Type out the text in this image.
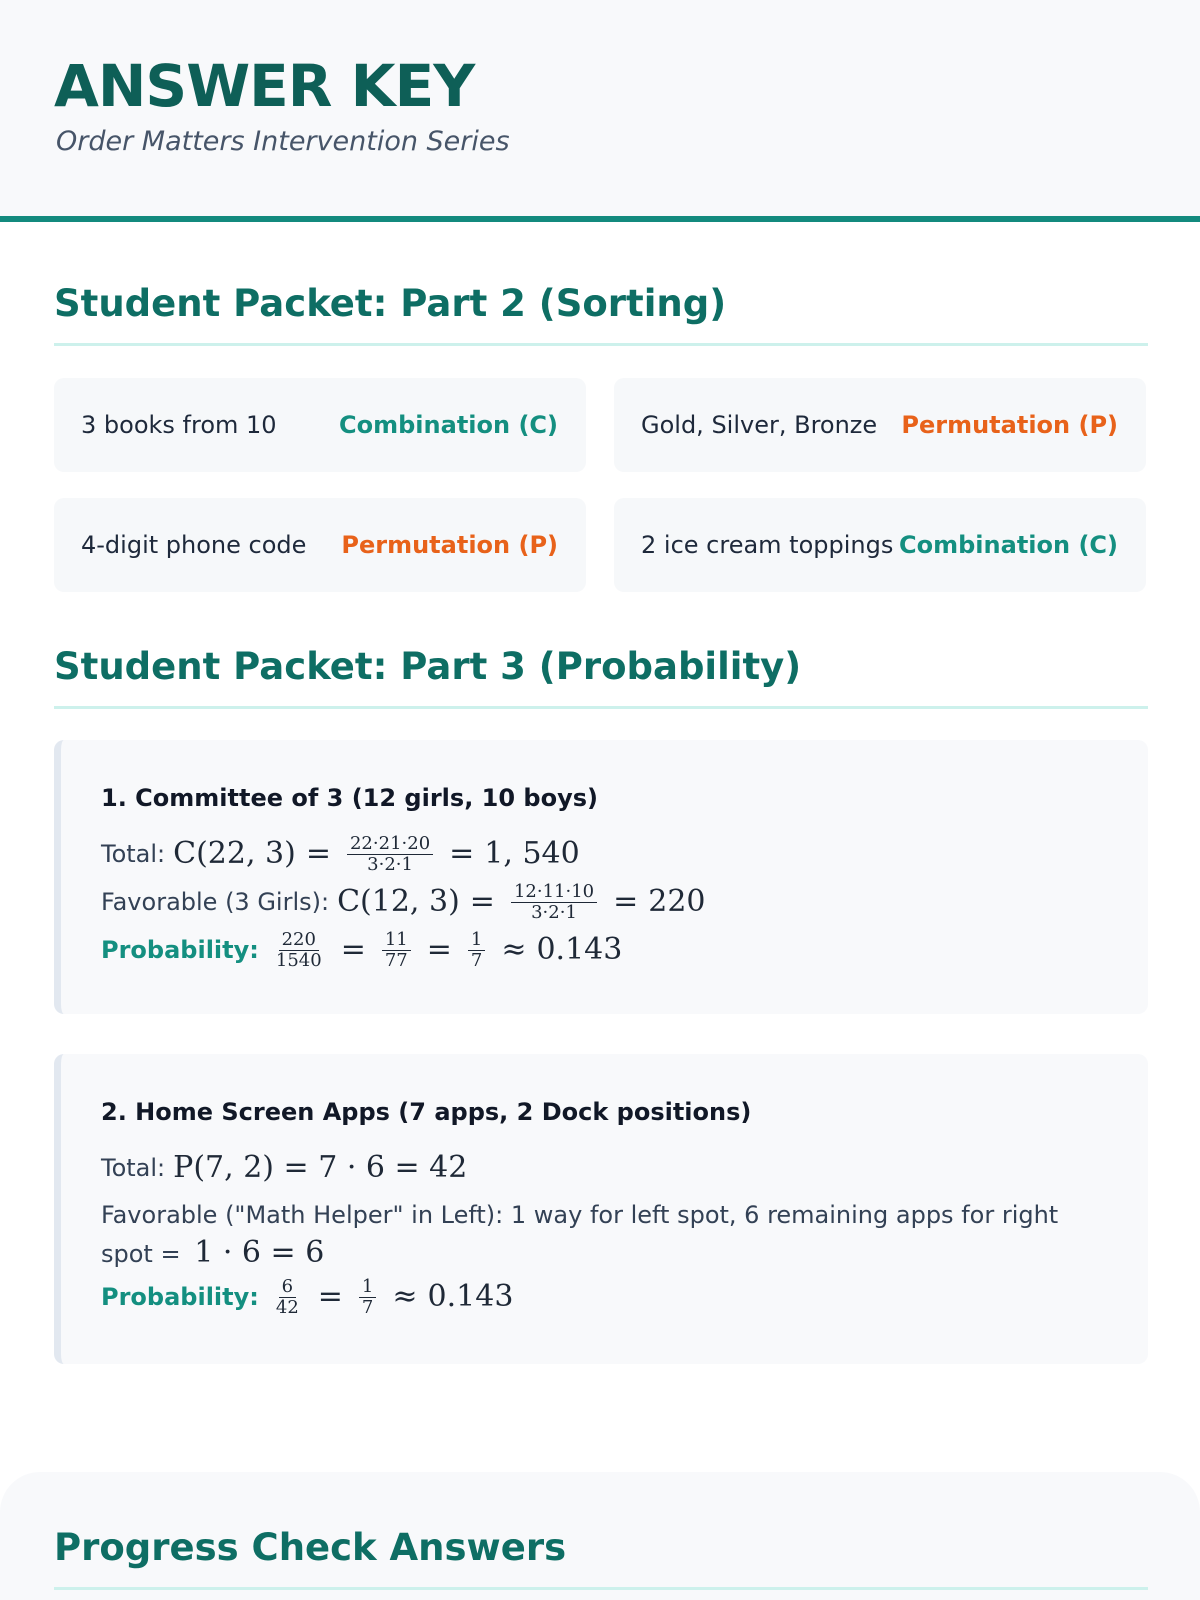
ANSWER KEY
Order Matters Intervention Series
Student Packet: Part 2 (Sorting)
3 books from 10	Combination (C)	Gold, Silver, Bronze Permutation (P)
4-digit phone code Permutation (P)	2 ice cream toppings Combination (C)
Student Packet: Part 3 (Probability)
1. Committee of 3 (12 girls, 10 boys)
Total: C(22, $3) = \frac{22\cdot 21\cdot 20}{3\cdot 2\cdot 1} = 1$, 540
Favorable (3 Girls): C(12, $3) = \frac{12\cdot 11\cdot 10}{3\cdot 2\cdot 1} = 220$
Probability: $\frac{220}{1540} = \frac{11}{77} = \frac{1}{7} \approx 0.143$
2. Home Screen Apps (7 apps, 2 Dock positions)
Total: P(7, 2) = 7 · 6 = 42
Favorable ("Math Helper" in Left): 1 way for left spot, 6 remaining apps for right spot = 1 · 6 = 6
Probability: $\frac{6}{42} = \frac{1}{7} \approx 0.143$
Progress Check Answers
